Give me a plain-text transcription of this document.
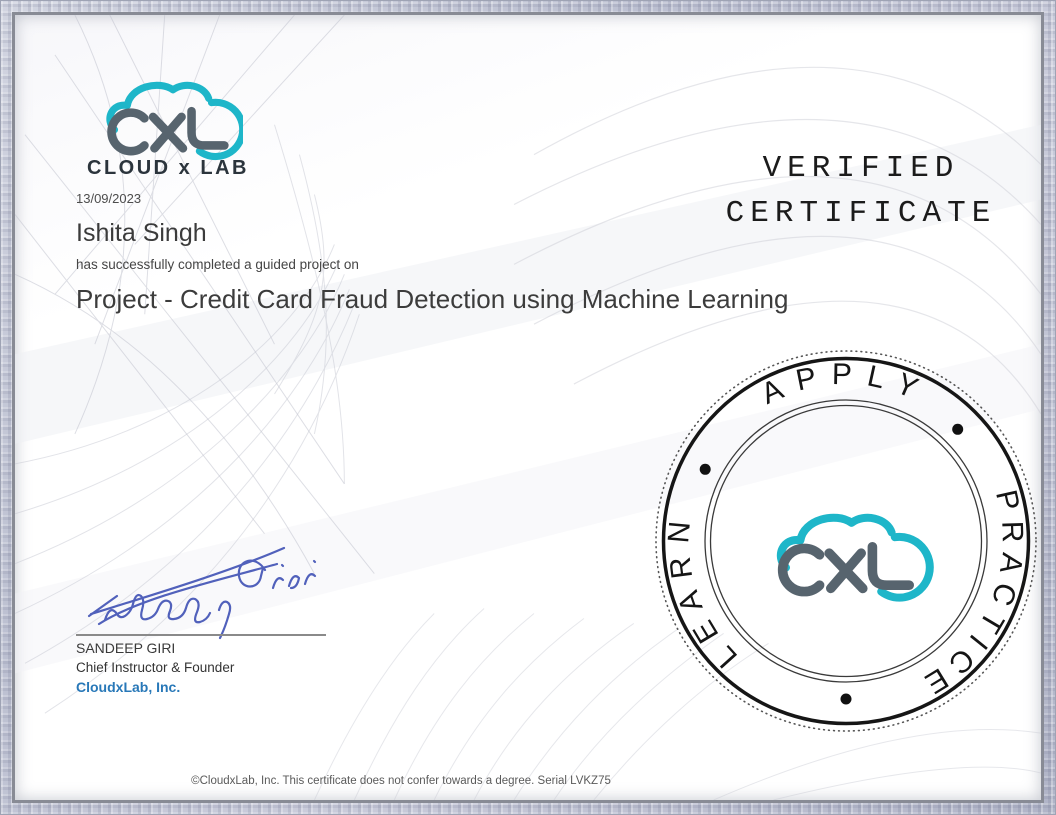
CLOUD x LAB
13/09/2023
Ishita Singh
has successfully completed a guided project on
Project - Credit Card Fraud Detection using Machine Learning
VERIFIED
CERTIFICATE
APPLY
PRACTICE
LEARN
SANDEEP GIRI
Chief Instructor & Founder
CloudxLab, Inc.
©CloudxLab, Inc. This certificate does not confer towards a degree. Serial LVKZ75
